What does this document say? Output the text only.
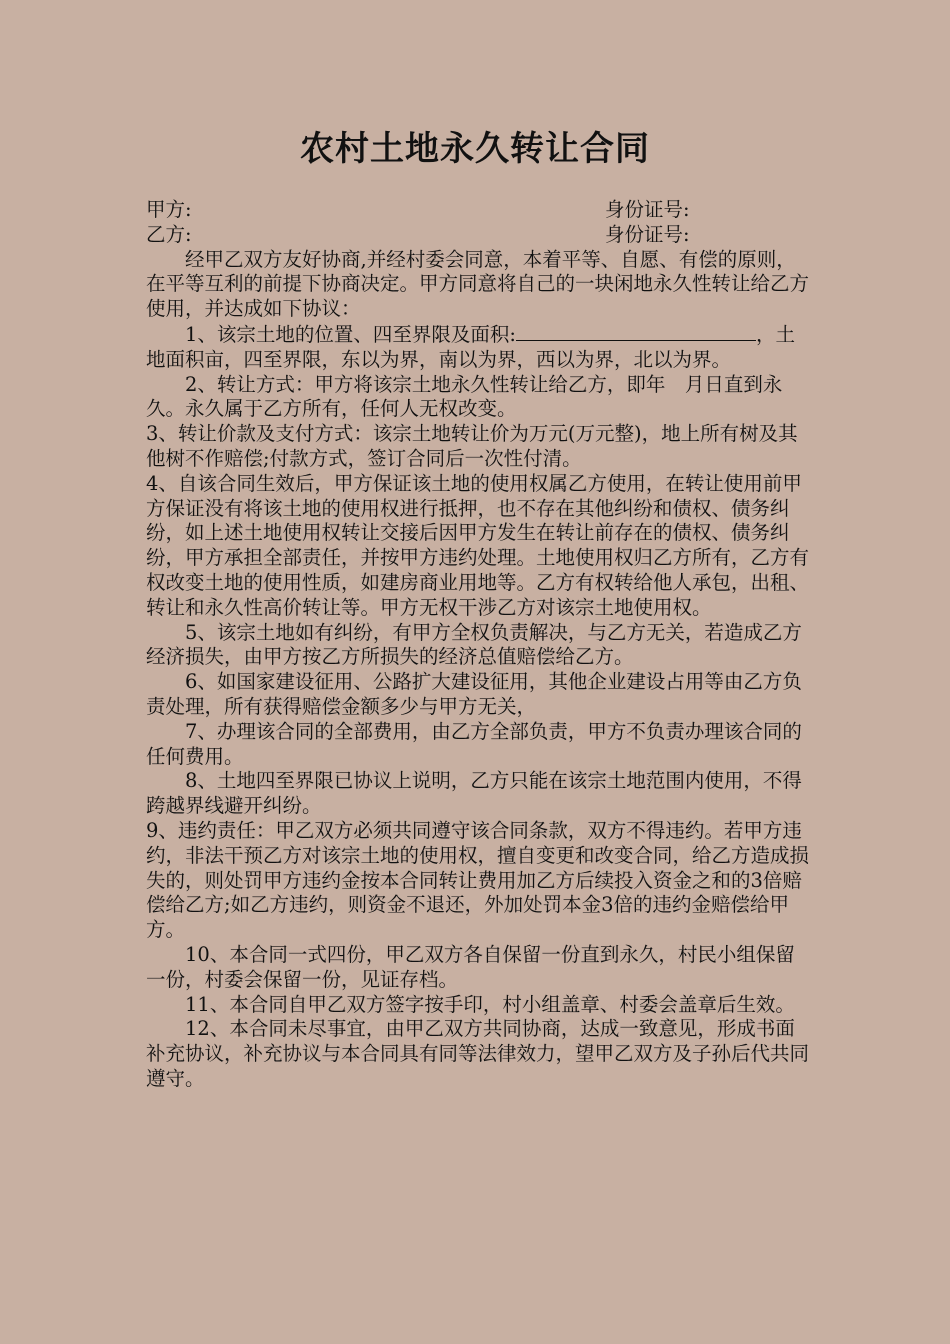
农村土地永久转让合同
甲方:	身份证号:
乙方:	身份证号:

经甲乙双方友好协商,并经村委会同意，本着平等、自愿、有偿的原则，在平等互利的前提下协商决定。甲方同意将自己的一块闲地永久性转让给乙方使用，并达成如下协议：

1、该宗土地的位置、四至界限及面积:	，土地面积亩，四至界限，东以为界，南以为界，西以为界，北以为界。

2、转让方式：甲方将该宗土地永久性转让给乙方，即年　月日直到永久。永久属于乙方所有，任何人无权改变。

3、转让价款及支付方式：该宗土地转让价为万元(万元整)，地上所有树及其他树不作赔偿;付款方式，签订合同后一次性付清。

4、自该合同生效后，甲方保证该土地的使用权属乙方使用，在转让使用前甲方保证没有将该土地的使用权进行抵押，也不存在其他纠纷和债权、债务纠纷，如上述土地使用权转让交接后因甲方发生在转让前存在的债权、债务纠纷，甲方承担全部责任，并按甲方违约处理。土地使用权归乙方所有，乙方有权改变土地的使用性质，如建房商业用地等。乙方有权转给他人承包，出租、转让和永久性高价转让等。甲方无权干涉乙方对该宗土地使用权。

5、该宗土地如有纠纷，有甲方全权负责解决，与乙方无关，若造成乙方经济损失，由甲方按乙方所损失的经济总值赔偿给乙方。

6、如国家建设征用、公路扩大建设征用，其他企业建设占用等由乙方负责处理，所有获得赔偿金额多少与甲方无关，

7、办理该合同的全部费用，由乙方全部负责，甲方不负责办理该合同的任何费用。

8、土地四至界限已协议上说明，乙方只能在该宗土地范围内使用，不得跨越界线避开纠纷。

9、违约责任：甲乙双方必须共同遵守该合同条款，双方不得违约。若甲方违约，非法干预乙方对该宗土地的使用权，擅自变更和改变合同，给乙方造成损失的，则处罚甲方违约金按本合同转让费用加乙方后续投入资金之和的3倍赔偿给乙方;如乙方违约，则资金不退还，外加处罚本金3倍的违约金赔偿给甲方。

10、本合同一式四份，甲乙双方各自保留一份直到永久，村民小组保留一份，村委会保留一份，见证存档。

11、本合同自甲乙双方签字按手印，村小组盖章、村委会盖章后生效。

12、本合同未尽事宜，由甲乙双方共同协商，达成一致意见，形成书面补充协议，补充协议与本合同具有同等法律效力，望甲乙双方及子孙后代共同遵守。
